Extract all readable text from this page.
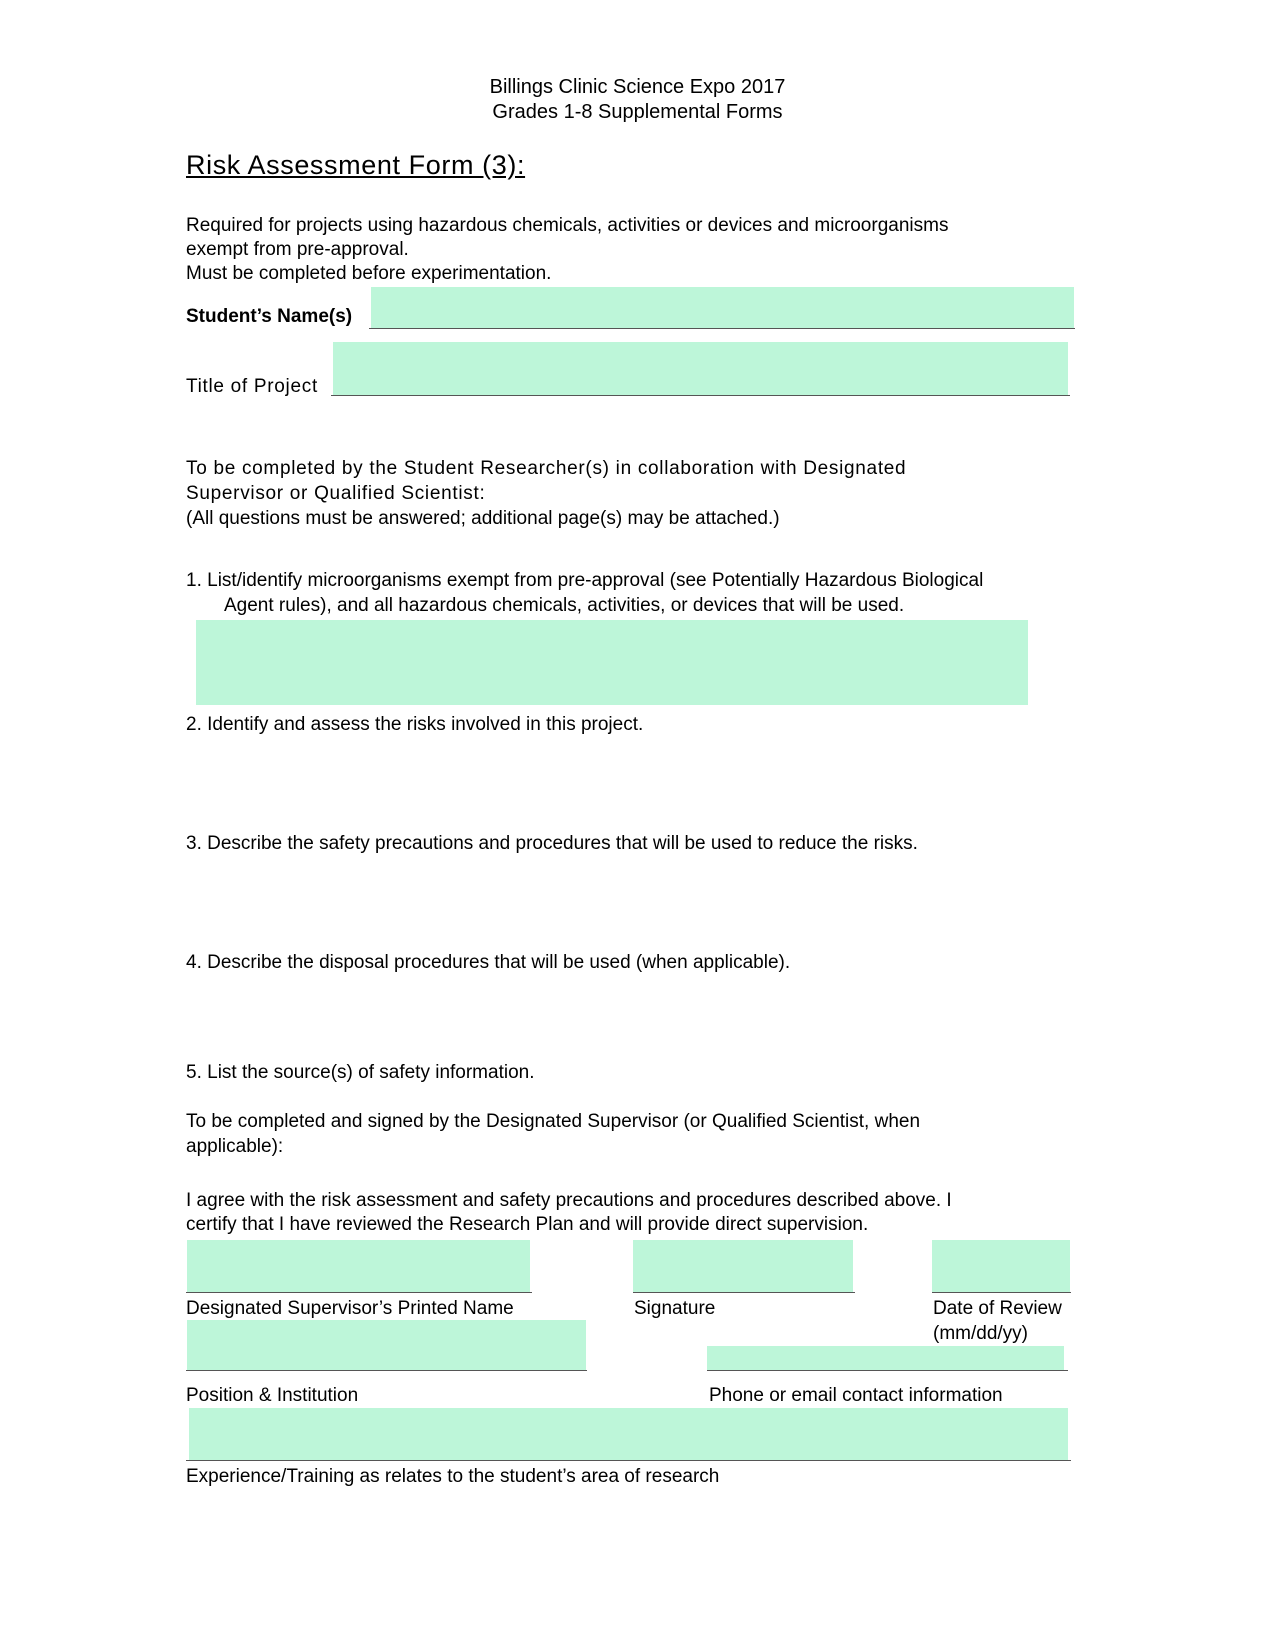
Billings Clinic Science Expo 2017
Grades 1-8 Supplemental Forms
Risk Assessment Form (3):
Required for projects using hazardous chemicals, activities or devices and microorganisms
exempt from pre-approval.
Must be completed before experimentation.
Student’s Name(s)
Title of Project
To be completed by the Student Researcher(s) in collaboration with Designated
Supervisor or Qualified Scientist:
(All questions must be answered; additional page(s) may be attached.)
1. List/identify microorganisms exempt from pre-approval (see Potentially Hazardous Biological
Agent rules), and all hazardous chemicals, activities, or devices that will be used.
2. Identify and assess the risks involved in this project.
3. Describe the safety precautions and procedures that will be used to reduce the risks.
4. Describe the disposal procedures that will be used (when applicable).
5. List the source(s) of safety information.
To be completed and signed by the Designated Supervisor (or Qualified Scientist, when
applicable):
I agree with the risk assessment and safety precautions and procedures described above. I
certify that I have reviewed the Research Plan and will provide direct supervision.
Designated Supervisor’s Printed Name	Signature	Date of Review
(mm/dd/yy)
Position & Institution	Phone or email contact information
Experience/Training as relates to the student’s area of research
